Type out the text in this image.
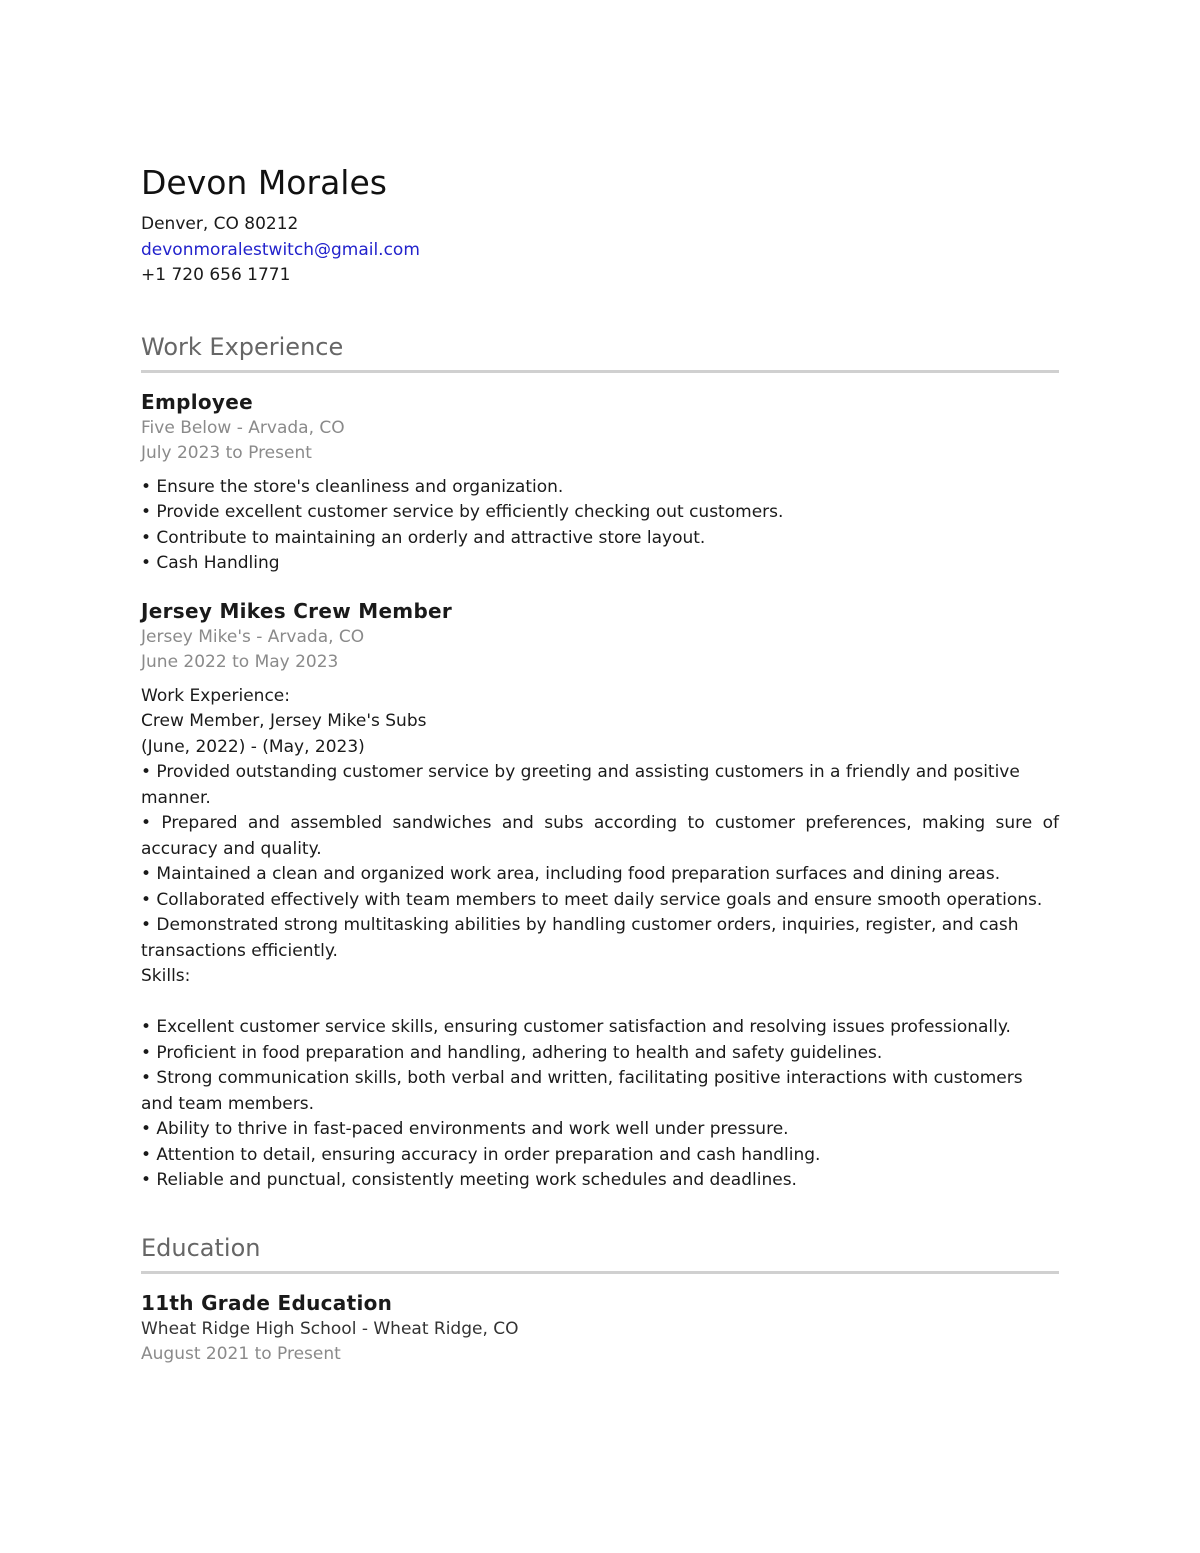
Devon Morales
Denver, CO 80212
devonmoralestwitch@gmail.com
+1 720 656 1771
Work Experience
Employee
Five Below - Arvada, CO
July 2023 to Present
• Ensure the store's cleanliness and organization.
• Provide excellent customer service by efficiently checking out customers.
• Contribute to maintaining an orderly and attractive store layout.
• Cash Handling
Jersey Mikes Crew Member
Jersey Mike's - Arvada, CO
June 2022 to May 2023
Work Experience:
Crew Member, Jersey Mike's Subs
(June, 2022) - (May, 2023)
• Provided outstanding customer service by greeting and assisting customers in a friendly and positive manner.
• Prepared and assembled sandwiches and subs according to customer preferences, making sure of accuracy and quality.
• Maintained a clean and organized work area, including food preparation surfaces and dining areas.
• Collaborated effectively with team members to meet daily service goals and ensure smooth operations.
• Demonstrated strong multitasking abilities by handling customer orders, inquiries, register, and cash transactions efficiently.
Skills:
• Excellent customer service skills, ensuring customer satisfaction and resolving issues professionally.
• Proficient in food preparation and handling, adhering to health and safety guidelines.
• Strong communication skills, both verbal and written, facilitating positive interactions with customers and team members.
• Ability to thrive in fast-paced environments and work well under pressure.
• Attention to detail, ensuring accuracy in order preparation and cash handling.
• Reliable and punctual, consistently meeting work schedules and deadlines.
Education
11th Grade Education
Wheat Ridge High School - Wheat Ridge, CO
August 2021 to Present
